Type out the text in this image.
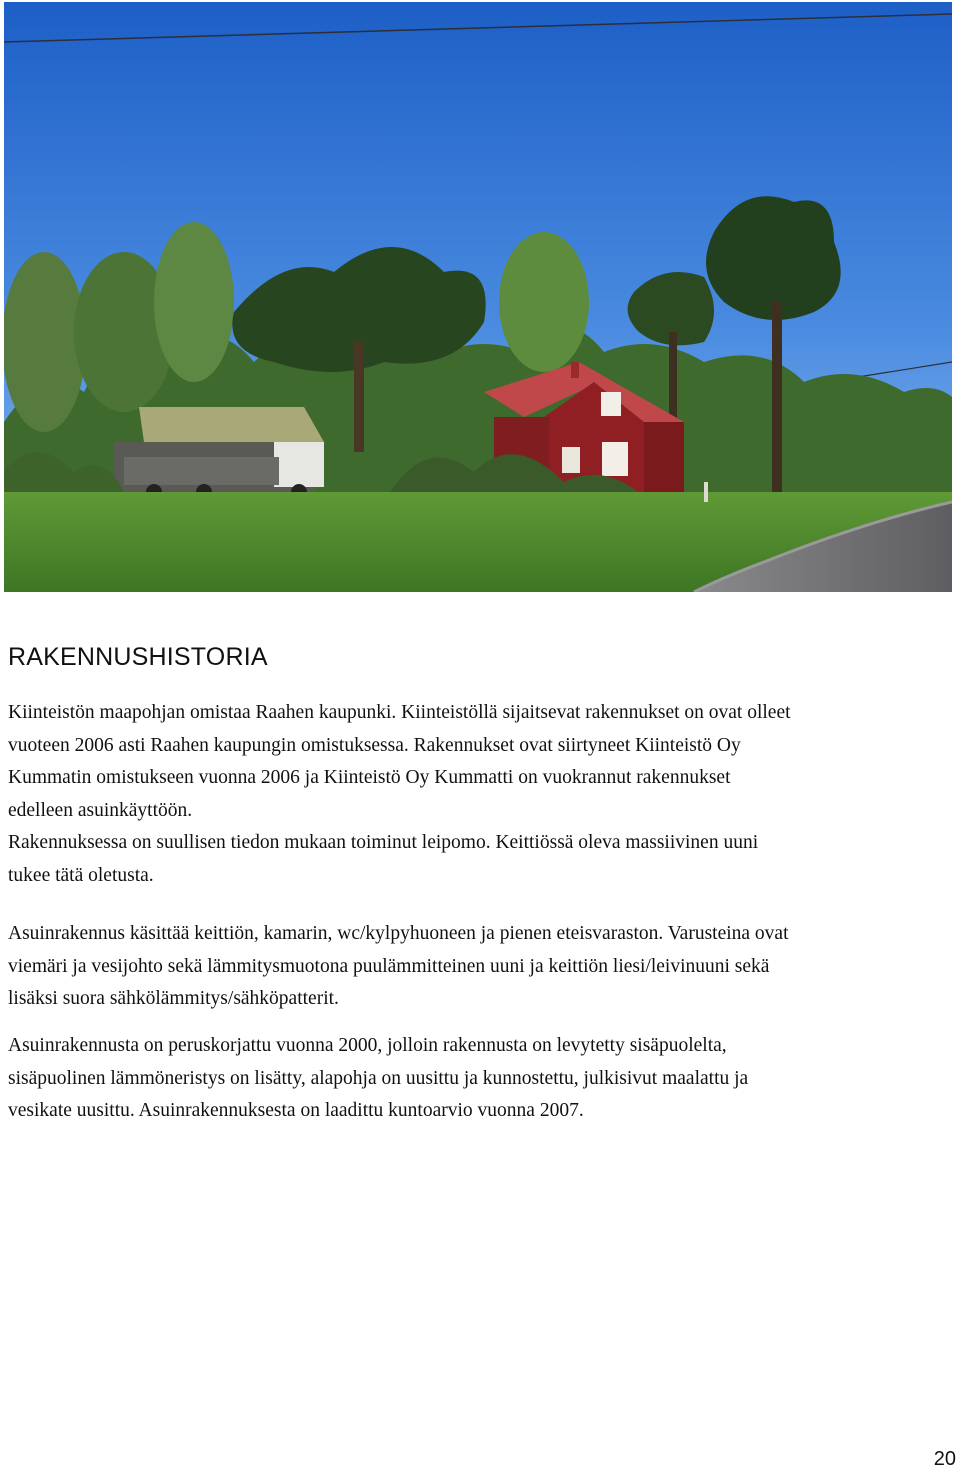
RAKENNUSHISTORIA
Kiinteistön maapohjan omistaa Raahen kaupunki. Kiinteistöllä sijaitsevat rakennukset on ovat olleet
vuoteen 2006 asti Raahen kaupungin omistuksessa. Rakennukset ovat siirtyneet Kiinteistö Oy
Kummatin omistukseen vuonna 2006 ja Kiinteistö Oy Kummatti on vuokrannut rakennukset
edelleen asuinkäyttöön.
Rakennuksessa on suullisen tiedon mukaan toiminut leipomo. Keittiössä oleva massiivinen uuni
tukee tätä oletusta.
Asuinrakennus käsittää keittiön, kamarin, wc/kylpyhuoneen ja pienen eteisvaraston. Varusteina ovat
viemäri ja vesijohto sekä lämmitysmuotona puulämmitteinen uuni ja keittiön liesi/leivinuuni sekä
lisäksi suora sähkölämmitys/sähköpatterit.
Asuinrakennusta on peruskorjattu vuonna 2000, jolloin rakennusta on levytetty sisäpuolelta,
sisäpuolinen lämmöneristys on lisätty, alapohja on uusittu ja kunnostettu, julkisivut maalattu ja
vesikate uusittu. Asuinrakennuksesta on laadittu kuntoarvio vuonna 2007.
20
